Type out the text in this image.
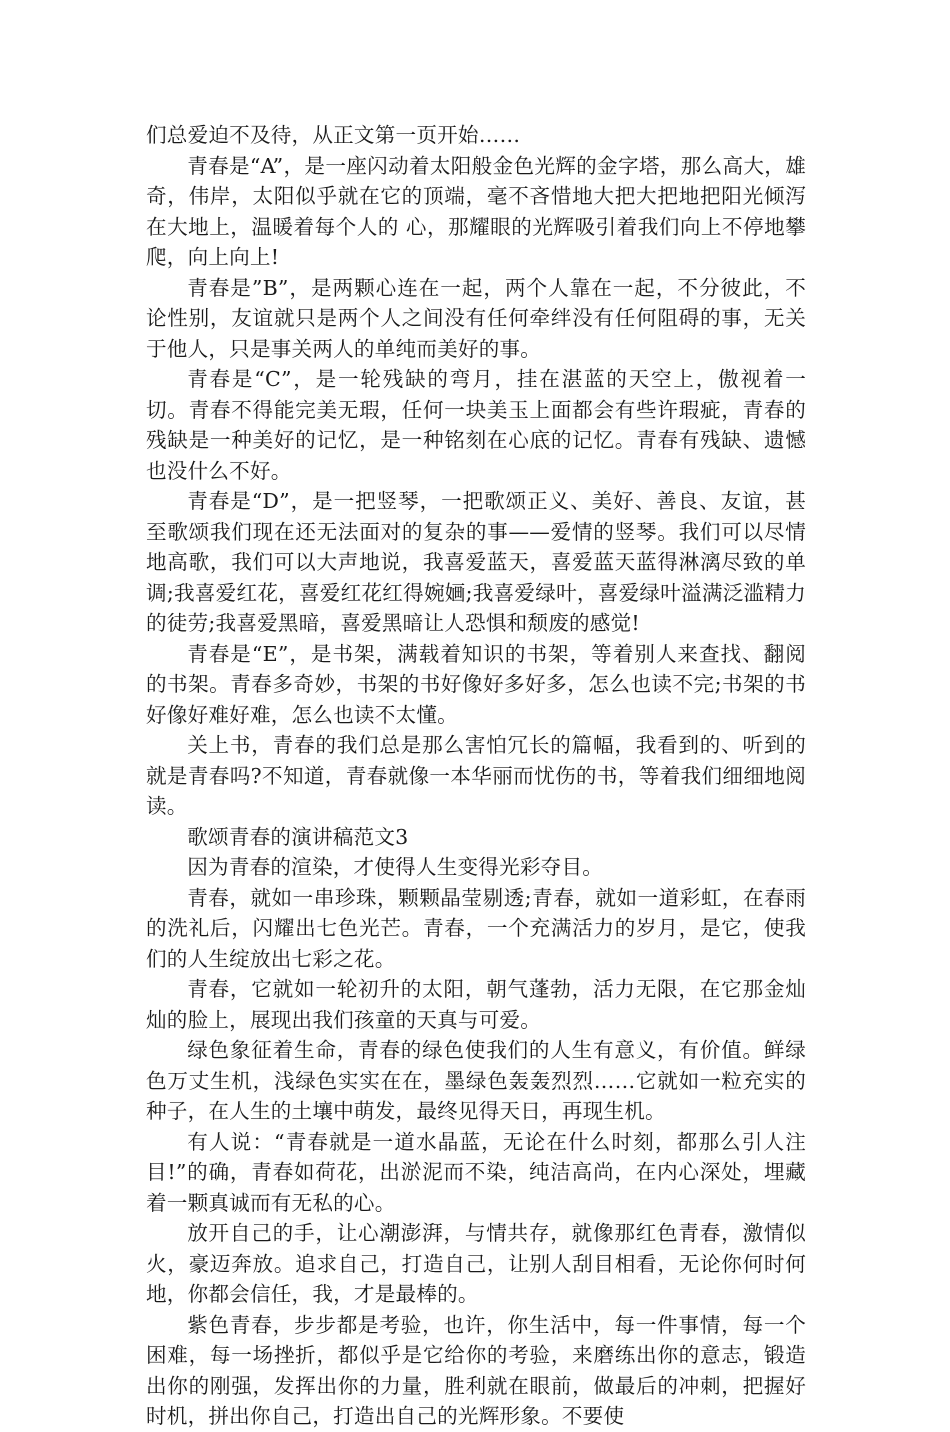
们总爱迫不及待，从正文第一页开始……

青春是“A”，是一座闪动着太阳般金色光辉的金字塔，那么高大，雄奇，伟岸，太阳似乎就在它的顶端，毫不吝惜地大把大把地把阳光倾泻在大地上，温暖着每个人的 心，那耀眼的光辉吸引着我们向上不停地攀爬，向上向上!

青春是”B”，是两颗心连在一起，两个人靠在一起，不分彼此，不论性别，友谊就只是两个人之间没有任何牵绊没有任何阻碍的事，无关于他人，只是事关两人的单纯而美好的事。

青春是“C”，是一轮残缺的弯月，挂在湛蓝的天空上，傲视着一切。青春不得能完美无瑕，任何一块美玉上面都会有些许瑕疵，青春的残缺是一种美好的记忆，是一种铭刻在心底的记忆。青春有残缺、遗憾也没什么不好。

青春是“D”，是一把竖琴，一把歌颂正义、美好、善良、友谊，甚至歌颂我们现在还无法面对的复杂的事——爱情的竖琴。我们可以尽情地高歌，我们可以大声地说，我喜爱蓝天，喜爱蓝天蓝得淋漓尽致的单调;我喜爱红花，喜爱红花红得婉婳;我喜爱绿叶，喜爱绿叶溢满泛滥精力的徒劳;我喜爱黑暗，喜爱黑暗让人恐惧和颓废的感觉!

青春是“E”，是书架，满载着知识的书架，等着别人来查找、翻阅的书架。青春多奇妙，书架的书好像好多好多，怎么也读不完;书架的书好像好难好难，怎么也读不太懂。

关上书，青春的我们总是那么害怕冗长的篇幅，我看到的、听到的就是青春吗?不知道，青春就像一本华丽而忧伤的书，等着我们细细地阅读。

歌颂青春的演讲稿范文3

因为青春的渲染，才使得人生变得光彩夺目。

青春，就如一串珍珠，颗颗晶莹剔透;青春，就如一道彩虹，在春雨的洗礼后，闪耀出七色光芒。青春，一个充满活力的岁月，是它，使我们的人生绽放出七彩之花。

青春，它就如一轮初升的太阳，朝气蓬勃，活力无限，在它那金灿灿的脸上，展现出我们孩童的天真与可爱。

绿色象征着生命，青春的绿色使我们的人生有意义，有价值。鲜绿色万丈生机，浅绿色实实在在，墨绿色轰轰烈烈……它就如一粒充实的种子，在人生的土壤中萌发，最终见得天日，再现生机。

有人说：“青春就是一道水晶蓝，无论在什么时刻，都那么引人注目!”的确，青春如荷花，出淤泥而不染，纯洁高尚，在内心深处，埋藏着一颗真诚而有无私的心。

放开自己的手，让心潮澎湃，与情共存，就像那红色青春，激情似火，豪迈奔放。追求自己，打造自己，让别人刮目相看，无论你何时何地，你都会信任，我，才是最棒的。

紫色青春，步步都是考验，也许，你生活中，每一件事情，每一个困难，每一场挫折，都似乎是它给你的考验，来磨练出你的意志，锻造出你的刚强，发挥出你的力量，胜利就在眼前，做最后的冲刺，把握好时机，拼出你自己，打造出自己的光辉形象。不要使
